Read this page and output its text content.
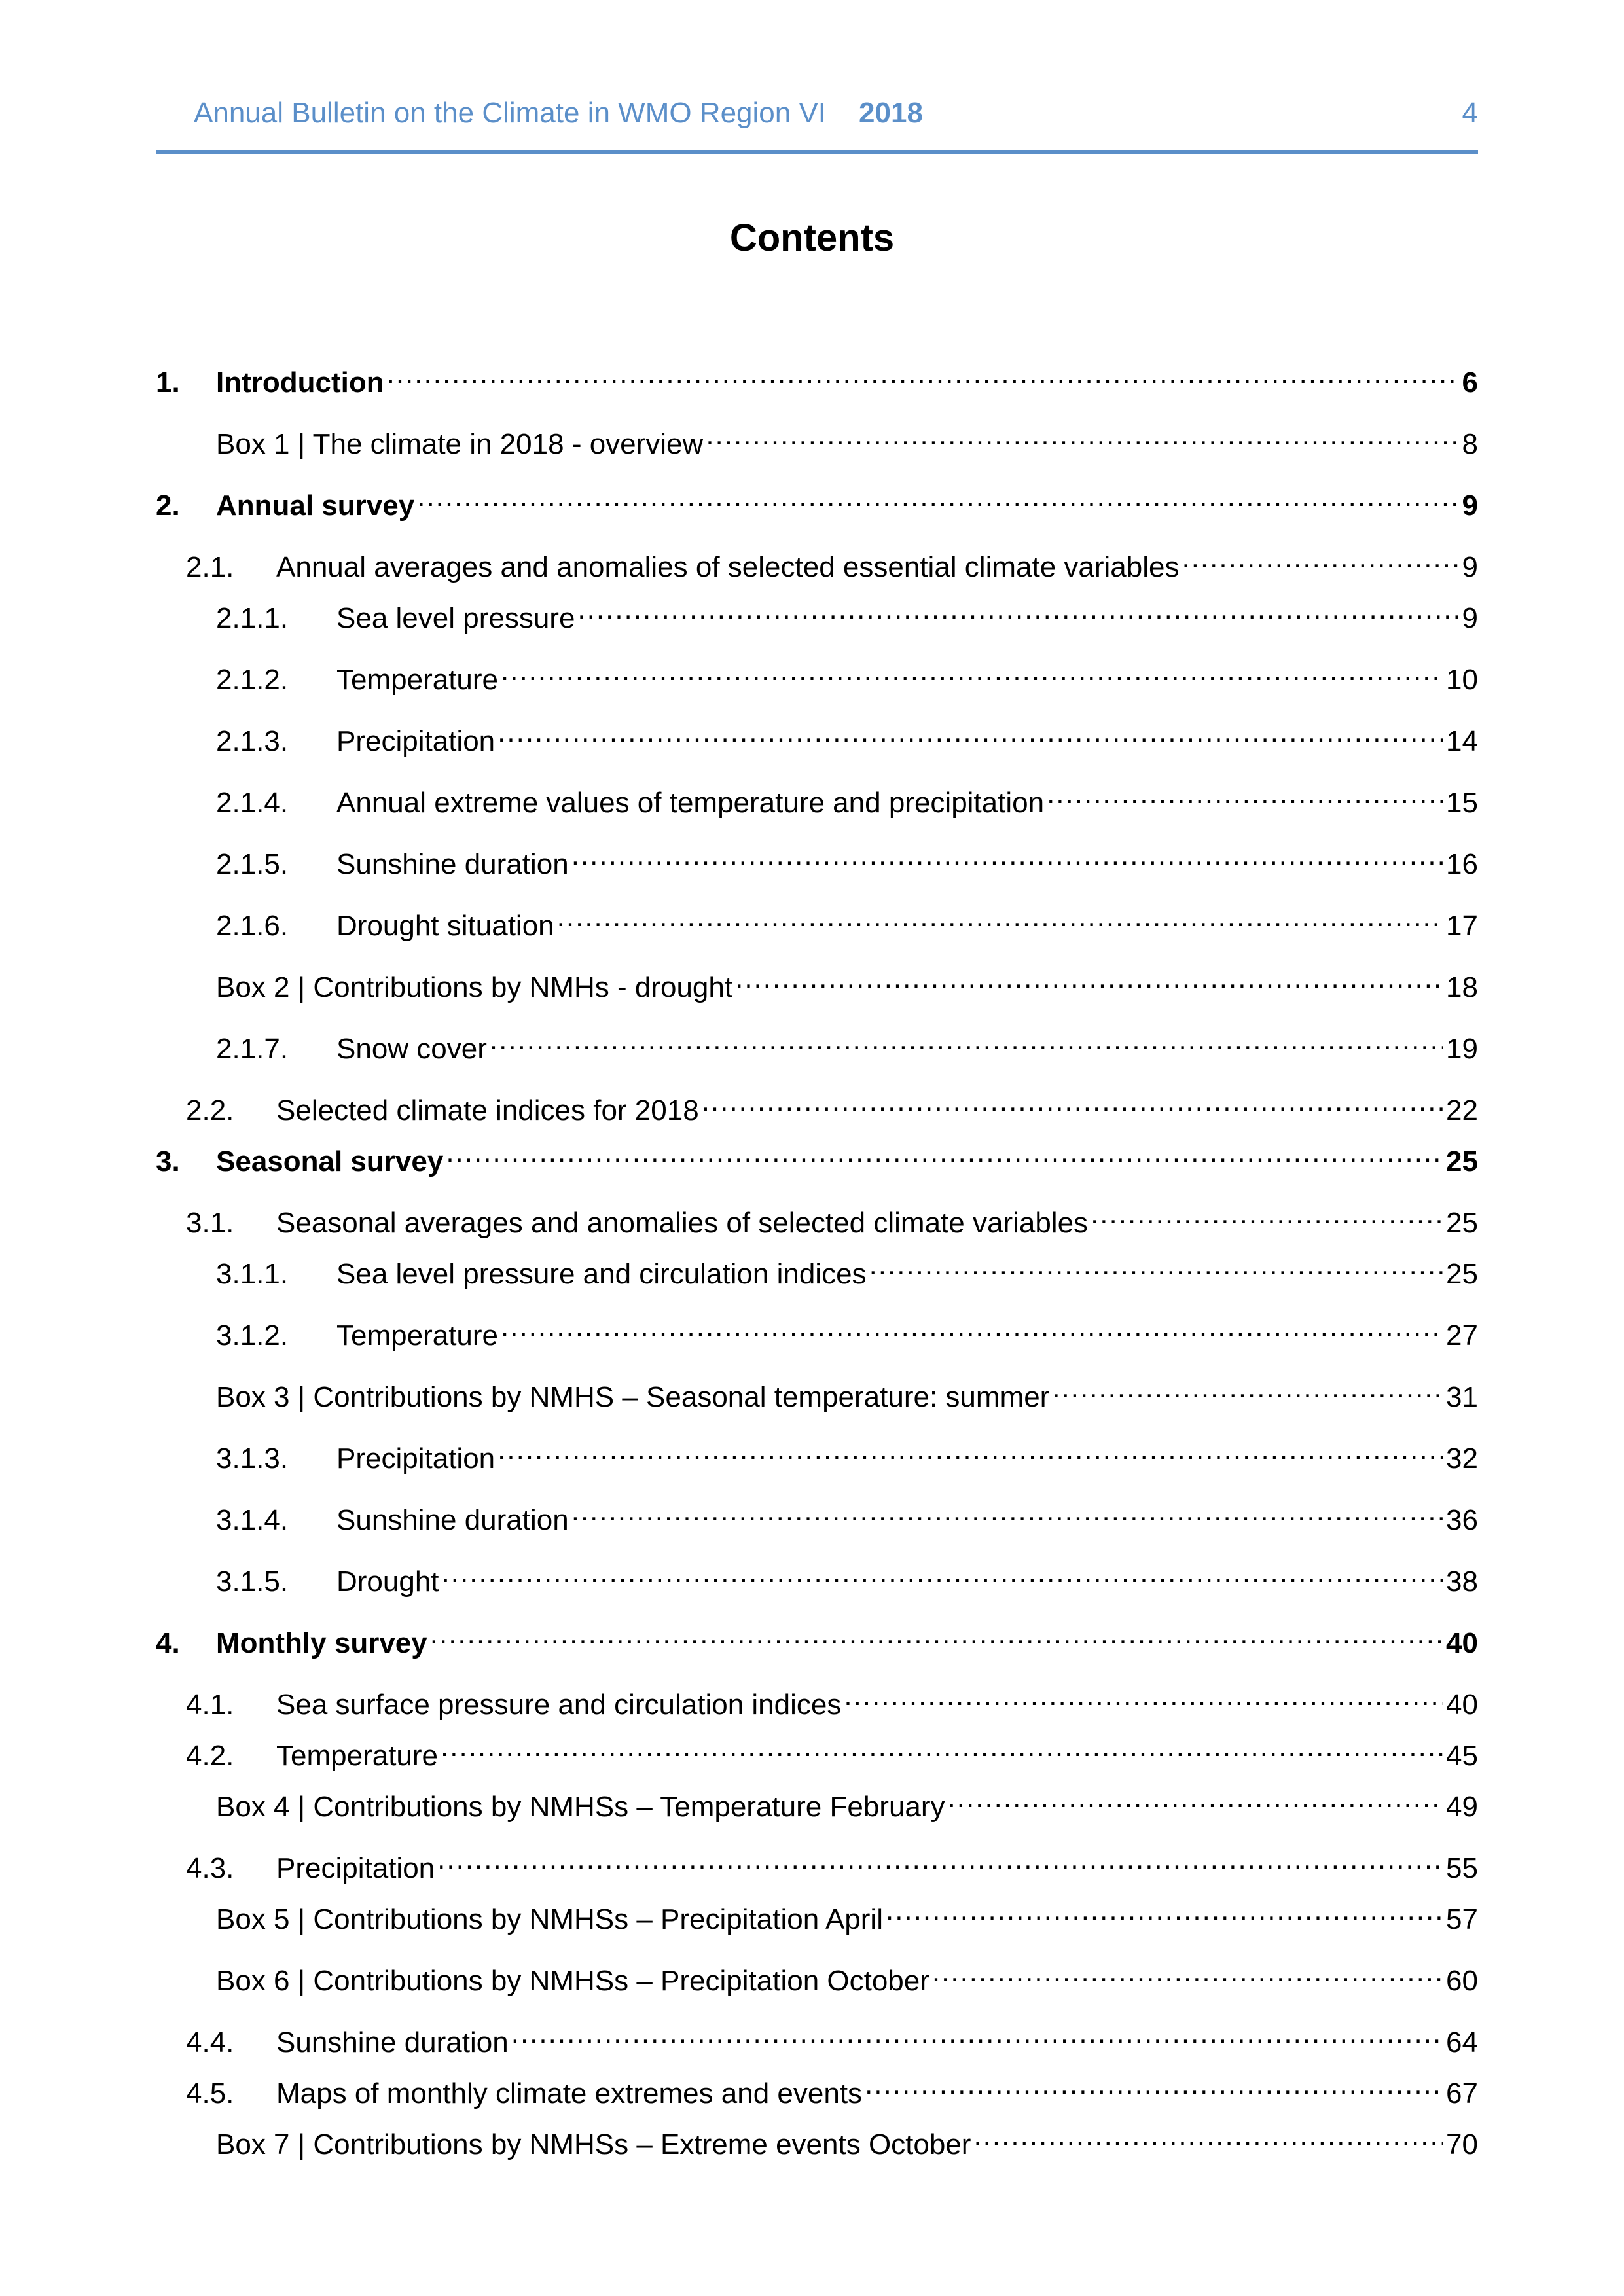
Annual Bulletin on the Climate in WMO Region VI 2018	4
Contents
1.	Introduction .....	6
Box 1 | The climate in 2018 - overview .....	8
2.	Annual survey .....	9
2.1.	Annual averages and anomalies of selected essential climate variables .....	9
2.1.1.	Sea level pressure .....	9
2.1.2.	Temperature .....	10
2.1.3.	Precipitation .....	14
2.1.4.	Annual extreme values of temperature and precipitation .....	15
2.1.5.	Sunshine duration .....	16
2.1.6.	Drought situation .....	17
Box 2 | Contributions by NMHs - drought .....	18
2.1.7.	Snow cover .....	19
2.2.	Selected climate indices for 2018 .....	22
3.	Seasonal survey .....	25
3.1.	Seasonal averages and anomalies of selected climate variables .....	25
3.1.1.	Sea level pressure and circulation indices .....	25
3.1.2.	Temperature .....	27
Box 3 | Contributions by NMHS – Seasonal temperature: summer .....	31
3.1.3.	Precipitation .....	32
3.1.4.	Sunshine duration .....	36
3.1.5.	Drought .....	38
4.	Monthly survey .....	40
4.1.	Sea surface pressure and circulation indices .....	40
4.2.	Temperature .....	45
Box 4 | Contributions by NMHSs – Temperature February .....	49
4.3.	Precipitation .....	55
Box 5 | Contributions by NMHSs – Precipitation April .....	57
Box 6 | Contributions by NMHSs – Precipitation October .....	60
4.4.	Sunshine duration .....	64
4.5.	Maps of monthly climate extremes and events .....	67
Box 7 | Contributions by NMHSs – Extreme events October .....	70
